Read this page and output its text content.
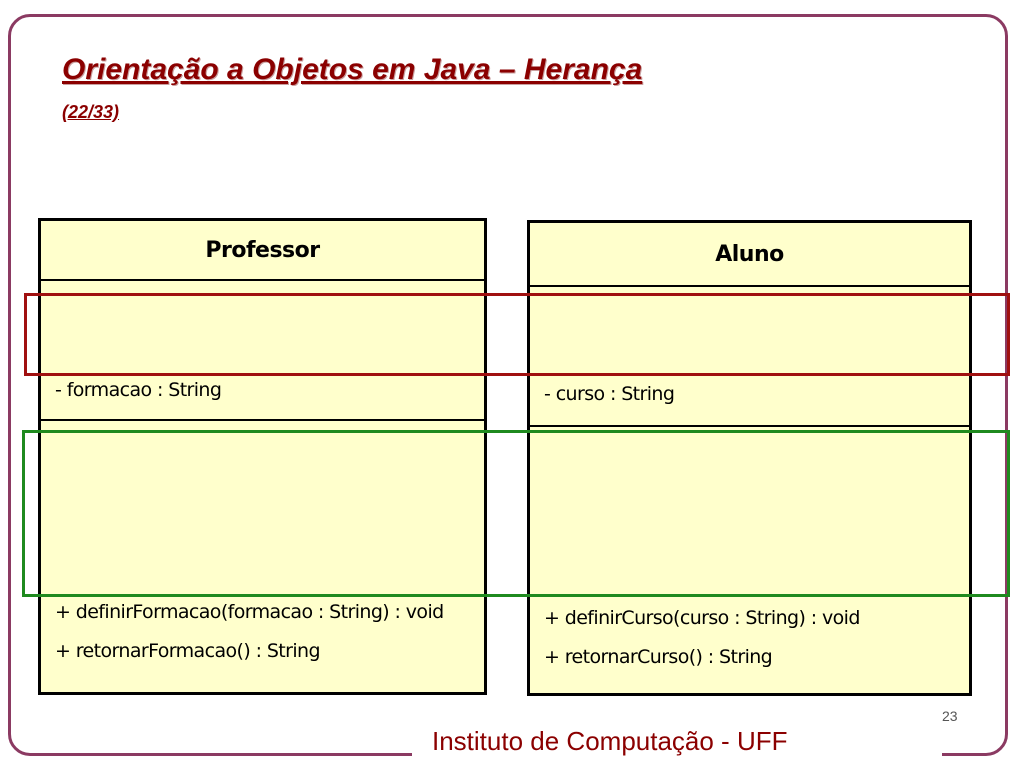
Orientação a Objetos em Java – Herança
(22/33)
Professor
- formacao : String
+ definirFormacao(formacao : String) : void
+ retornarFormacao() : String
Aluno
- curso : String
+ definirCurso(curso : String) : void
+ retornarCurso() : String
23
Instituto de Computação - UFF
